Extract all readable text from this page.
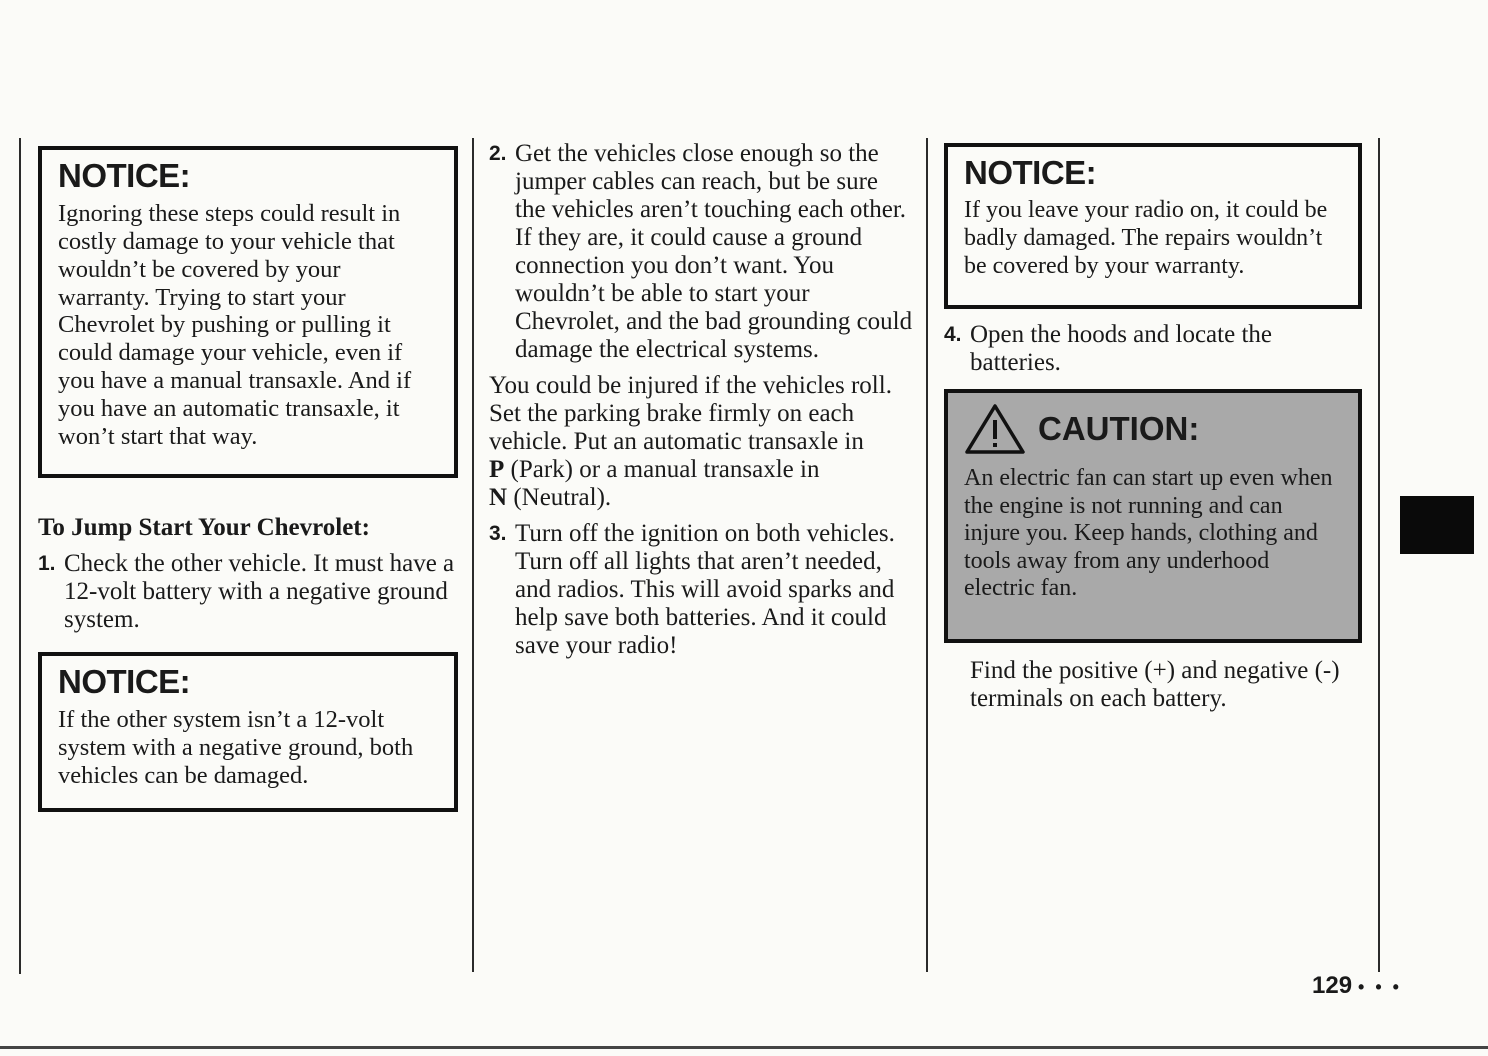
NOTICE:

Ignoring these steps could result in costly damage to your vehicle that wouldn’t be covered by your warranty. Trying to start your Chevrolet by pushing or pulling it could damage your vehicle, even if you have a manual transaxle. And if you have an automatic transaxle, it won’t start that way.

To Jump Start Your Chevrolet:

1. Check the other vehicle. It must have a 12-volt battery with a negative ground system.

NOTICE:

If the other system isn’t a 12-volt system with a negative ground, both vehicles can be damaged.

2. Get the vehicles close enough so the jumper cables can reach, but be sure the vehicles aren’t touching each other. If they are, it could cause a ground connection you don’t want. You wouldn’t be able to start your Chevrolet, and the bad grounding could damage the electrical systems.

You could be injured if the vehicles roll. Set the parking brake firmly on each vehicle. Put an automatic transaxle in
P (Park) or a manual transaxle in
N (Neutral).

3. Turn off the ignition on both vehicles. Turn off all lights that aren’t needed, and radios. This will avoid sparks and help save both batteries. And it could save your radio!

NOTICE:

If you leave your radio on, it could be badly damaged. The repairs wouldn’t be covered by your warranty.

4. Open the hoods and locate the batteries.

CAUTION:

An electric fan can start up even when the engine is not running and can injure you. Keep hands, clothing and tools away from any underhood electric fan.

Find the positive (+) and negative (-) terminals on each battery.

129 • • •
